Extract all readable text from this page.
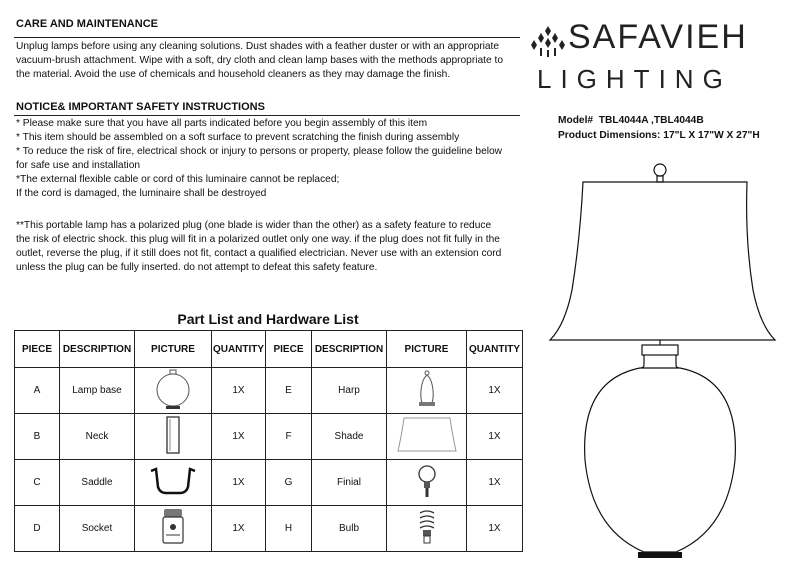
CARE AND MAINTENANCE
Unplug lamps before using any cleaning solutions. Dust shades with a feather duster or with an appropriate
vacuum-brush attachment. Wipe with a soft, dry cloth and clean lamp bases with the methods appropriate to
the material. Avoid the use of chemicals and household cleaners as they may damage the finish.
NOTICE& IMPORTANT SAFETY INSTRUCTIONS
* Please make sure that you have all parts indicated before you begin assembly of this item
* This item should be assembled on a soft surface to prevent scratching the finish during assembly
* To reduce the risk of fire, electrical shock or injury to persons or property, please follow the guideline below
for safe use and installation
*The external flexible cable or cord of this luminaire cannot be replaced;
If the cord is damaged, the luminaire shall be destroyed
**This portable lamp has a polarized plug (one blade is wider than the other) as a safety feature to reduce
the risk of electric shock. this plug will fit in a polarized outlet only one way. if the plug does not fit fully in the
outlet, reverse the plug, if it still does not fit, contact a qualified electrician. Never use with an extension cord
unless the plug can be fully inserted. do not attempt to defeat this safety feature.
Part List and Hardware List
PIECE	DESCRIPTION	PICTURE	QUANTITY	PIECE	DESCRIPTION	PICTURE	QUANTITY
A	Lamp base		1X	E	Harp		1X
B	Neck		1X	F	Shade		1X
C	Saddle		1X	G	Finial		1X
D	Socket		1X	H	Bulb		1X
SAFAVIEH
LIGHTING
Model# TBL4044A ,TBL4044B
Product Dimensions: 17"L X 17"W X 27"H
